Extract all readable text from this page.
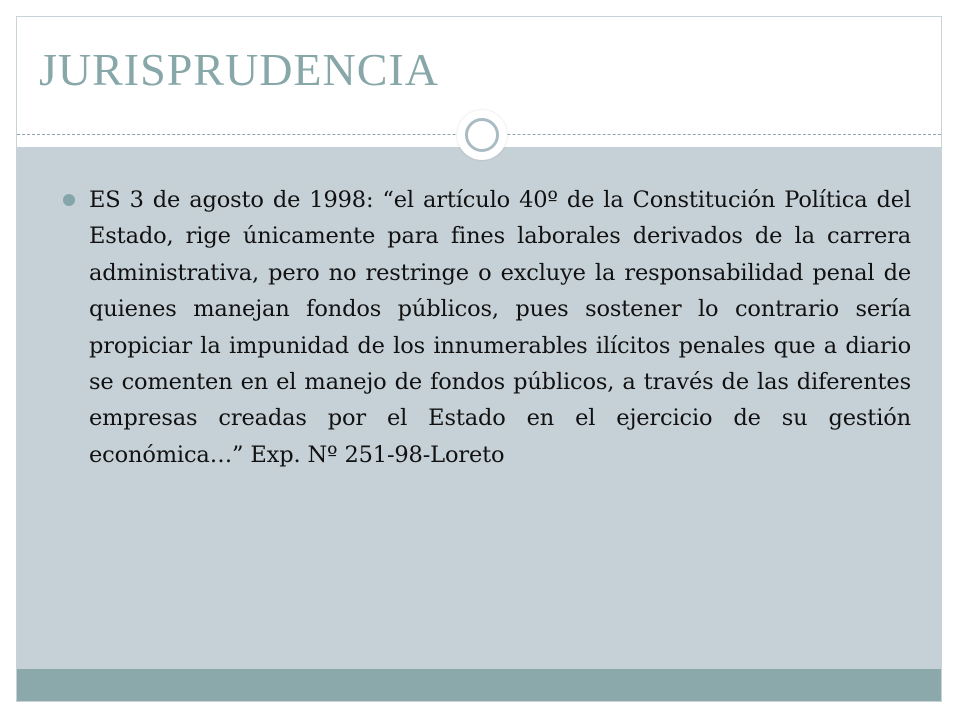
JURISPRUDENCIA
ES 3 de agosto de 1998: “el artículo 40º de la Constitución Política del Estado, rige únicamente para fines laborales derivados de la carrera administrativa, pero no restringe o excluye la responsabilidad penal de quienes manejan fondos públicos, pues sostener lo contrario sería propiciar la impunidad de los innumerables ilícitos penales que a diario se comenten en el manejo de fondos públicos, a través de las diferentes empresas creadas por el Estado en el ejercicio de su gestión económica…” Exp. Nº 251-98-Loreto
